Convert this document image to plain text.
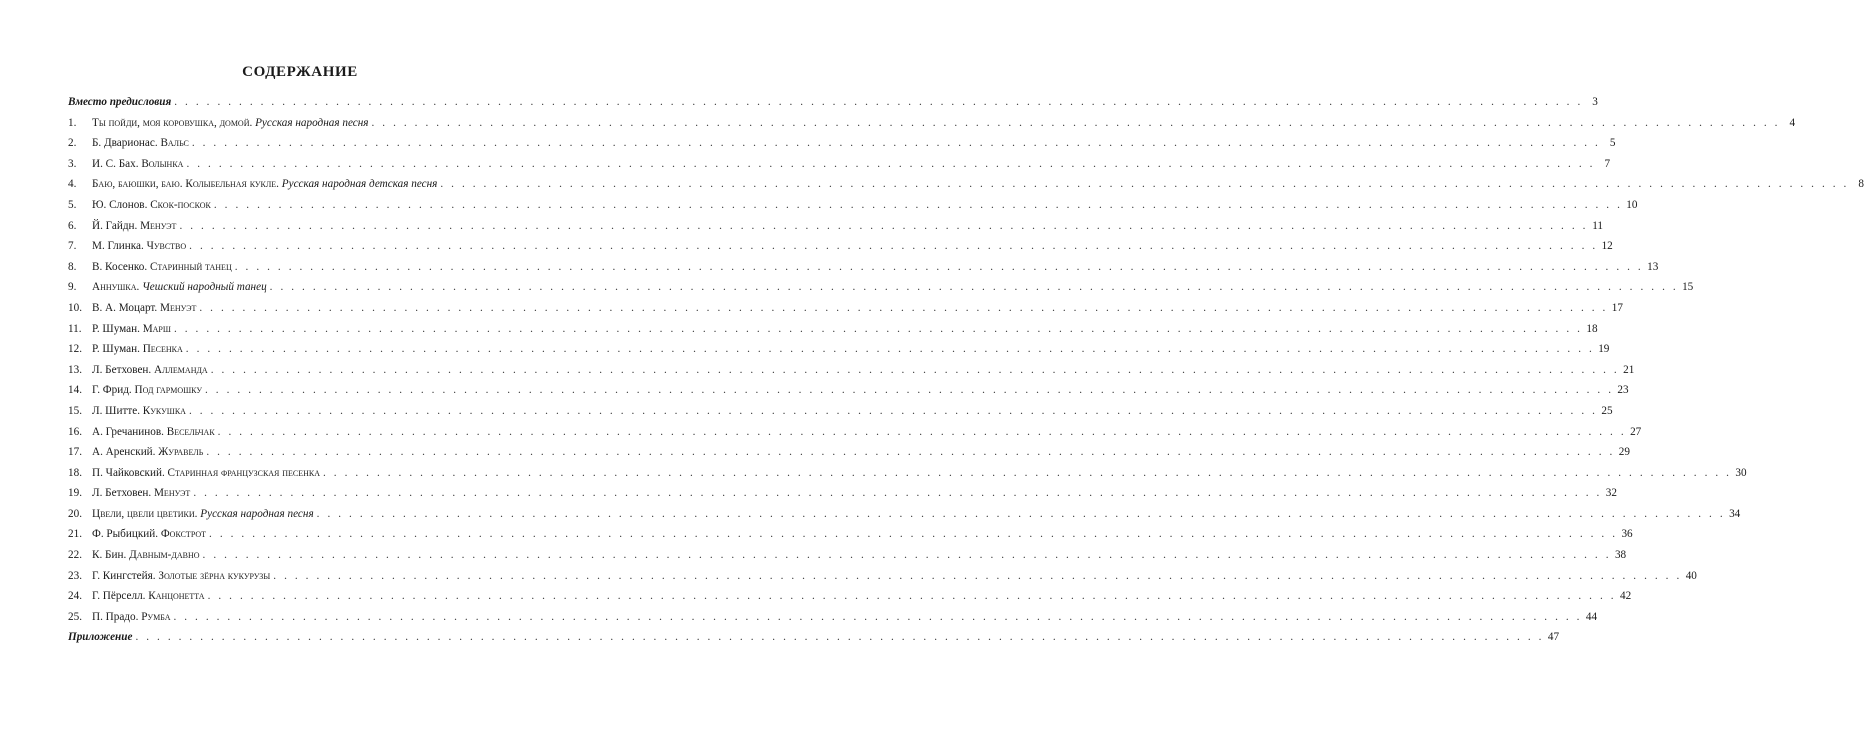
СОДЕРЖАНИЕ
Вместо предисловия . . .	3
1.	Ты пойди, моя коровушка, домой. Русская народная песня . . .	4
2.	Б. Дварионас. Вальс . . .	5
3.	И. С. Бах. Волынка . . .	7
4.	Баю, баюшки, баю. Колыбельная кукле. Русская народная детская песня . . .	8
5.	Ю. Слонов. Скок-поскок . . .	10
6.	Й. Гайдн. Менуэт . . .	11
7.	М. Глинка. Чувство . . .	12
8.	В. Косенко. Старинный танец . . .	13
9.	Аннушка. Чешский народный танец . . .	15
10. В. А. Моцарт. Менуэт . . .	17
11. Р. Шуман. Марш . . .	18
12. Р. Шуман. Песенка . . .	19
13. Л. Бетховен. Аллеманда . . .	21
14. Г. Фрид. Под гармошку . . .	23
15. Л. Шитте. Кукушка . . .	25
16. А. Гречанинов. Весельчак . . .	27
17. А. Аренский. Журавель . . .	29
18. П. Чайковский. Старинная французская песенка . . .	30
19. Л. Бетховен. Менуэт . . .	32
20. Цвели, цвели цветики. Русская народная песня . . .	34
21. Ф. Рыбицкий. Фокстрот . . .	36
22. К. Бин. Давным-давно . . .	38
23. Г. Кингстейя. Золотые зёрна кукурузы . . .	40
24. Г. Пёрселл. Канцонетта . . .	42
25. П. Прадо. Румба . . .	44
Приложение . . .	47
